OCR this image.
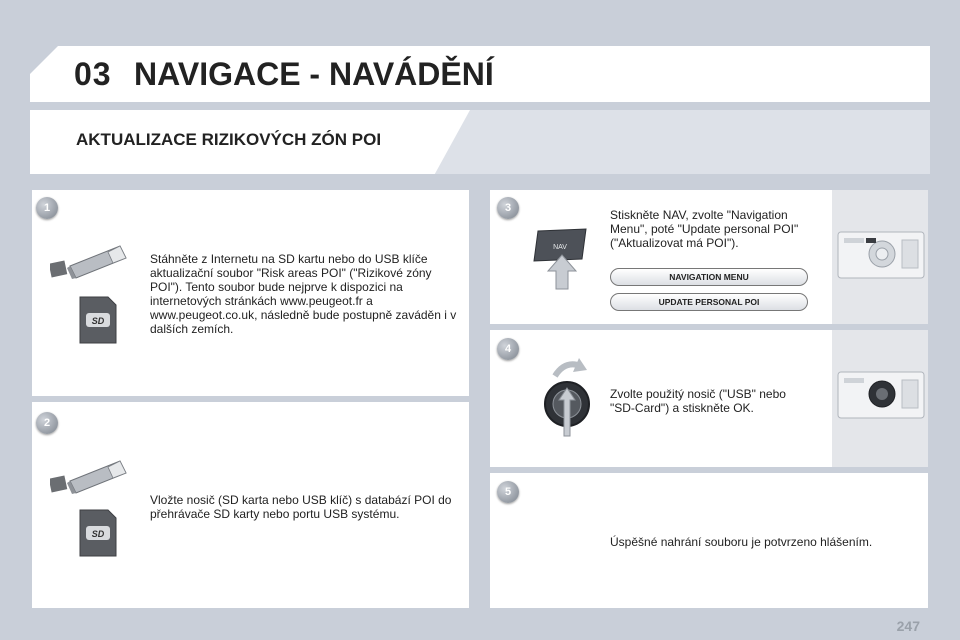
03 NAVIGACE - NAVÁDĚNÍ
AKTUALIZACE RIZIKOVÝCH ZÓN POI
1
SD
Stáhněte z Internetu na SD kartu nebo do USB klíče aktualizační soubor "Risk areas POI" ("Rizikové zóny POI"). Tento soubor bude nejprve k dispozici na internetových stránkách www.peugeot.fr a www.peugeot.co.uk, následně bude postupně zaváděn i v dalších zemích.
2
SD
Vložte nosič (SD karta nebo USB klíč) s databází POI do přehrávače SD karty nebo portu USB systému.
3
NAV
Stiskněte NAV, zvolte "Navigation Menu", poté "Update personal POI" ("Aktualizovat má POI").
NAVIGATION MENU
UPDATE PERSONAL POI
4
Zvolte použitý nosič ("USB" nebo "SD-Card") a stiskněte OK.
5
Úspěšné nahrání souboru je potvrzeno hlášením.
247
